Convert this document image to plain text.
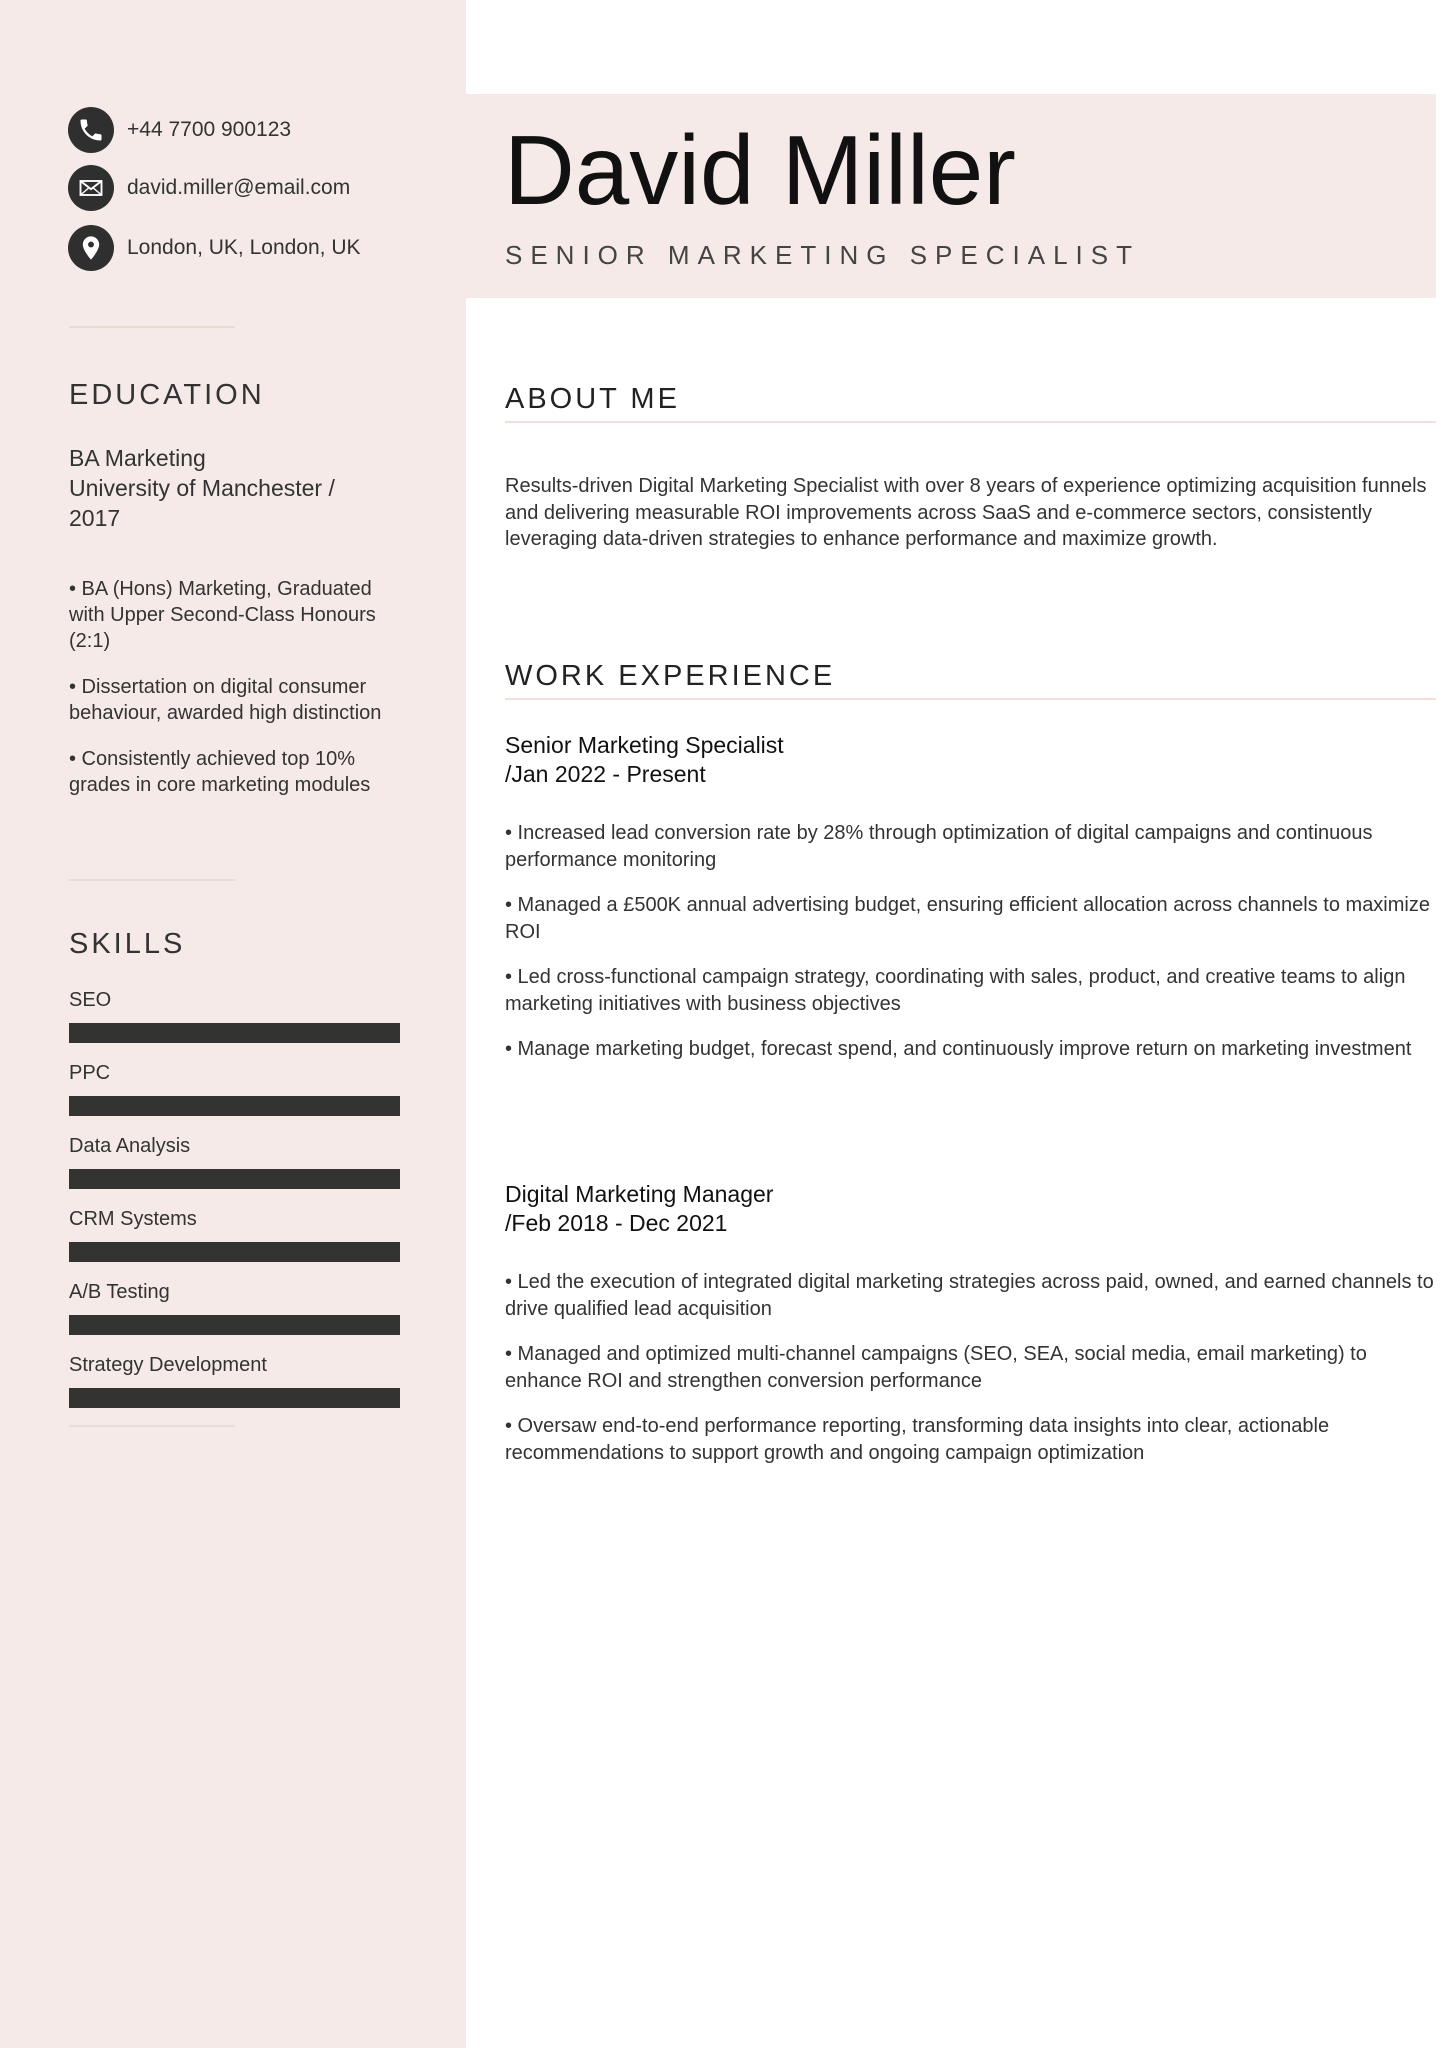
+44 7700 900123
david.miller@email.com
London, UK, London, UK
EDUCATION
BA Marketing
University of Manchester / 2017
• BA (Hons) Marketing, Graduated with Upper Second-Class Honours (2:1)
• Dissertation on digital consumer behaviour, awarded high distinction
• Consistently achieved top 10% grades in core marketing modules
SKILLS
SEO
PPC
Data Analysis
CRM Systems
A/B Testing
Strategy Development
David Miller
SENIOR MARKETING SPECIALIST
ABOUT ME

Results-driven Digital Marketing Specialist with over 8 years of experience optimizing acquisition funnels and delivering measurable ROI improvements across SaaS and e-commerce sectors, consistently leveraging data-driven strategies to enhance performance and maximize growth.

WORK EXPERIENCE
Senior Marketing Specialist
/Jan 2022 - Present
• Increased lead conversion rate by 28% through optimization of digital campaigns and continuous performance monitoring
• Managed a £500K annual advertising budget, ensuring efficient allocation across channels to maximize ROI
• Led cross-functional campaign strategy, coordinating with sales, product, and creative teams to align marketing initiatives with business objectives
• Manage marketing budget, forecast spend, and continuously improve return on marketing investment
Digital Marketing Manager
/Feb 2018 - Dec 2021
• Led the execution of integrated digital marketing strategies across paid, owned, and earned channels to drive qualified lead acquisition
• Managed and optimized multi-channel campaigns (SEO, SEA, social media, email marketing) to enhance ROI and strengthen conversion performance
• Oversaw end-to-end performance reporting, transforming data insights into clear, actionable recommendations to support growth and ongoing campaign optimization
